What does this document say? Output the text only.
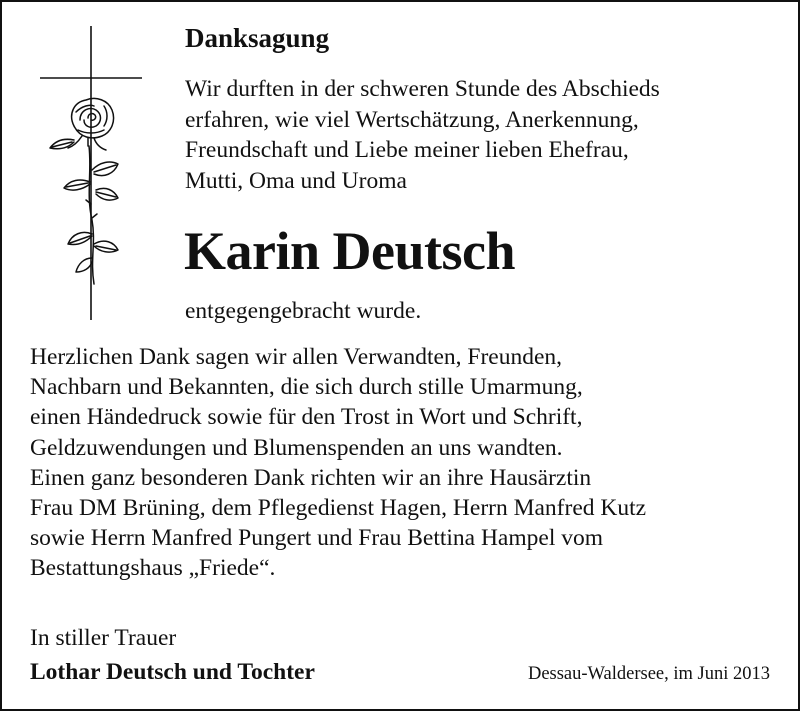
Danksagung
Wir durften in der schweren Stunde des Abschieds
erfahren, wie viel Wertschätzung, Anerkennung,
Freundschaft und Liebe meiner lieben Ehefrau,
Mutti, Oma und Uroma
Karin Deutsch
entgegengebracht wurde.
Herzlichen Dank sagen wir allen Verwandten, Freunden,
Nachbarn und Bekannten, die sich durch stille Umarmung,
einen Händedruck sowie für den Trost in Wort und Schrift,
Geldzuwendungen und Blumenspenden an uns wandten.
Einen ganz besonderen Dank richten wir an ihre Hausärztin
Frau DM Brüning, dem Pflegedienst Hagen, Herrn Manfred Kutz
sowie Herrn Manfred Pungert und Frau Bettina Hampel vom
Bestattungshaus „Friede“.
In stiller Trauer
Lothar Deutsch und Tochter	Dessau-Waldersee, im Juni 2013
